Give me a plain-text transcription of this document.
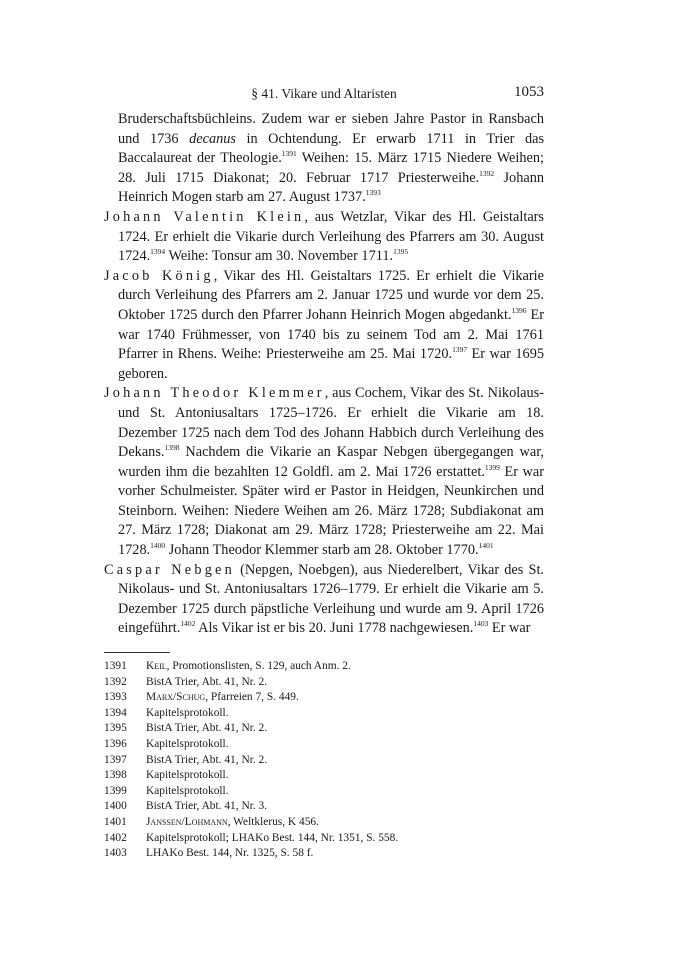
§ 41. Vikare und Altaristen	1053

Bruderschaftsbüchleins. Zudem war er sieben Jahre Pastor in Ransbach und 1736 decanus in Ochtendung. Er erwarb 1711 in Trier das Baccalaureat der Theologie.$^{1391}$ Weihen: 15. März 1715 Niedere Weihen; 28. Juli 1715 Diakonat; 20. Februar 1717 Priesterweihe.$^{1392}$ Johann Heinrich Mogen starb am 27. August 1737.$^{1393}$

Johann Valentin Klein, aus Wetzlar, Vikar des Hl. Geistaltars 1724. Er erhielt die Vikarie durch Verleihung des Pfarrers am 30. August 1724.$^{1394}$ Weihe: Tonsur am 30. November 1711.$^{1395}$

Jacob König, Vikar des Hl. Geistaltars 1725. Er erhielt die Vikarie durch Verleihung des Pfarrers am 2. Januar 1725 und wurde vor dem 25. Oktober 1725 durch den Pfarrer Johann Heinrich Mogen abgedankt.$^{1396}$ Er war 1740 Frühmesser, von 1740 bis zu seinem Tod am 2. Mai 1761 Pfarrer in Rhens. Weihe: Priesterweihe am 25. Mai 1720.$^{1397}$ Er war 1695 geboren.

Johann Theodor Klemmer, aus Cochem, Vikar des St. Nikolaus- und St. Antoniusaltars 1725–1726. Er erhielt die Vikarie am 18. Dezember 1725 nach dem Tod des Johann Habbich durch Verleihung des Dekans.$^{1398}$ Nachdem die Vikarie an Kaspar Nebgen übergegangen war, wurden ihm die bezahlten 12 Goldfl. am 2. Mai 1726 erstattet.$^{1399}$ Er war vorher Schulmeister. Später wird er Pastor in Heidgen, Neunkirchen und Steinborn. Weihen: Niedere Weihen am 26. März 1728; Subdiakonat am 27. März 1728; Diakonat am 29. März 1728; Priesterweihe am 22. Mai 1728.$^{1400}$ Johann Theodor Klemmer starb am 28. Oktober 1770.$^{1401}$

Caspar Nebgen (Nepgen, Noebgen), aus Niederelbert, Vikar des St. Nikolaus- und St. Antoniusaltars 1726–1779. Er erhielt die Vikarie am 5. Dezember 1725 durch päpstliche Verleihung und wurde am 9. April 1726 eingeführt.$^{1402}$ Als Vikar ist er bis 20. Juni 1778 nachgewiesen.$^{1403}$ Er war

1391	Keil, Promotionslisten, S. 129, auch Anm. 2.
1392	BistA Trier, Abt. 41, Nr. 2.
1393	Marx/Schug, Pfarreien 7, S. 449.
1394	Kapitelsprotokoll.
1395	BistA Trier, Abt. 41, Nr. 2.
1396	Kapitelsprotokoll.
1397	BistA Trier, Abt. 41, Nr. 2.
1398	Kapitelsprotokoll.
1399	Kapitelsprotokoll.
1400	BistA Trier, Abt. 41, Nr. 3.
1401	Janssen/Lohmann, Weltklerus, K 456.
1402	Kapitelsprotokoll; LHAKo Best. 144, Nr. 1351, S. 558.
1403	LHAKo Best. 144, Nr. 1325, S. 58 f.
